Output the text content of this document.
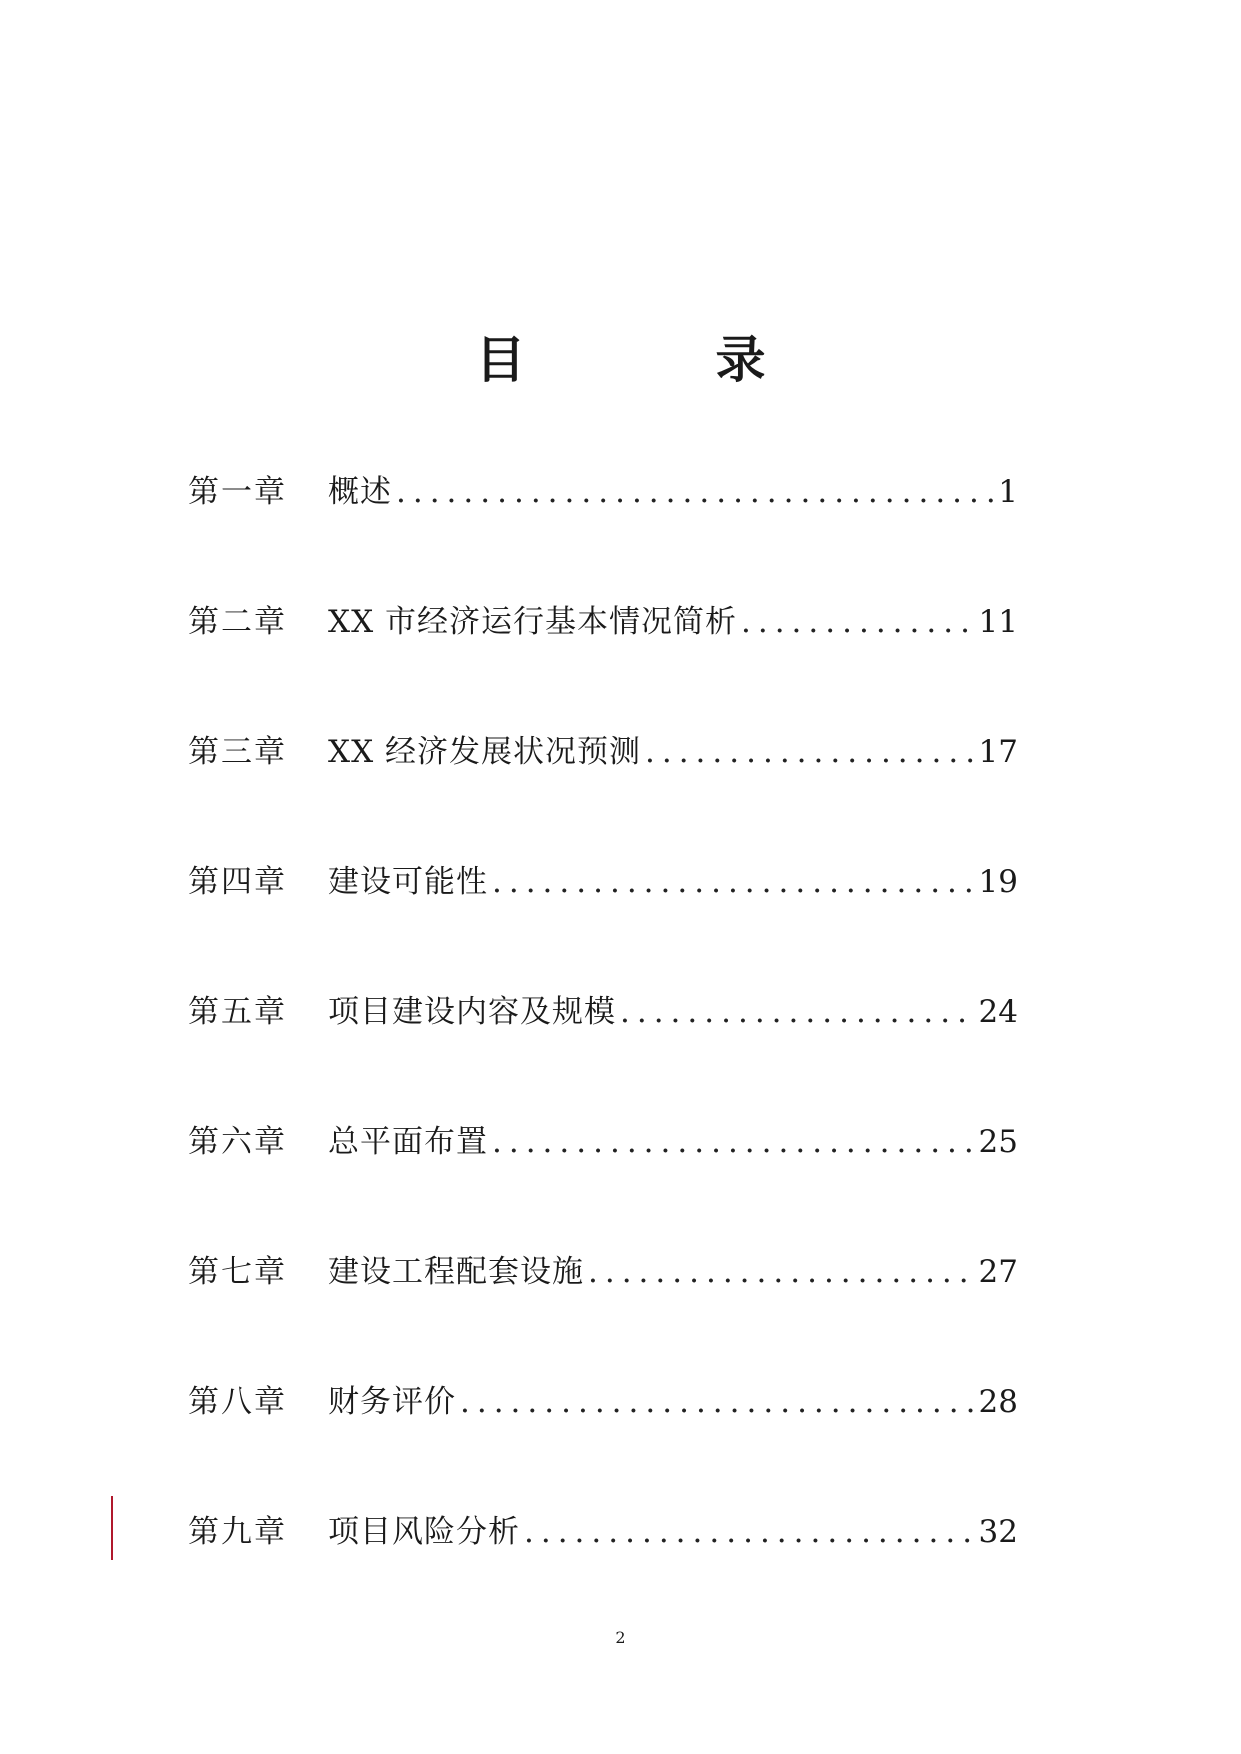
目　录
第一章	概述 .....	1
第二章	XX 市经济运行基本情况简析 .....	11
第三章	XX 经济发展状况预测 .....	17
第四章	建设可能性 .....	19
第五章	项目建设内容及规模 .....	24
第六章	总平面布置 .....	25
第七章	建设工程配套设施 .....	27
第八章	财务评价 .....	28
第九章	项目风险分析 .....	32
2
